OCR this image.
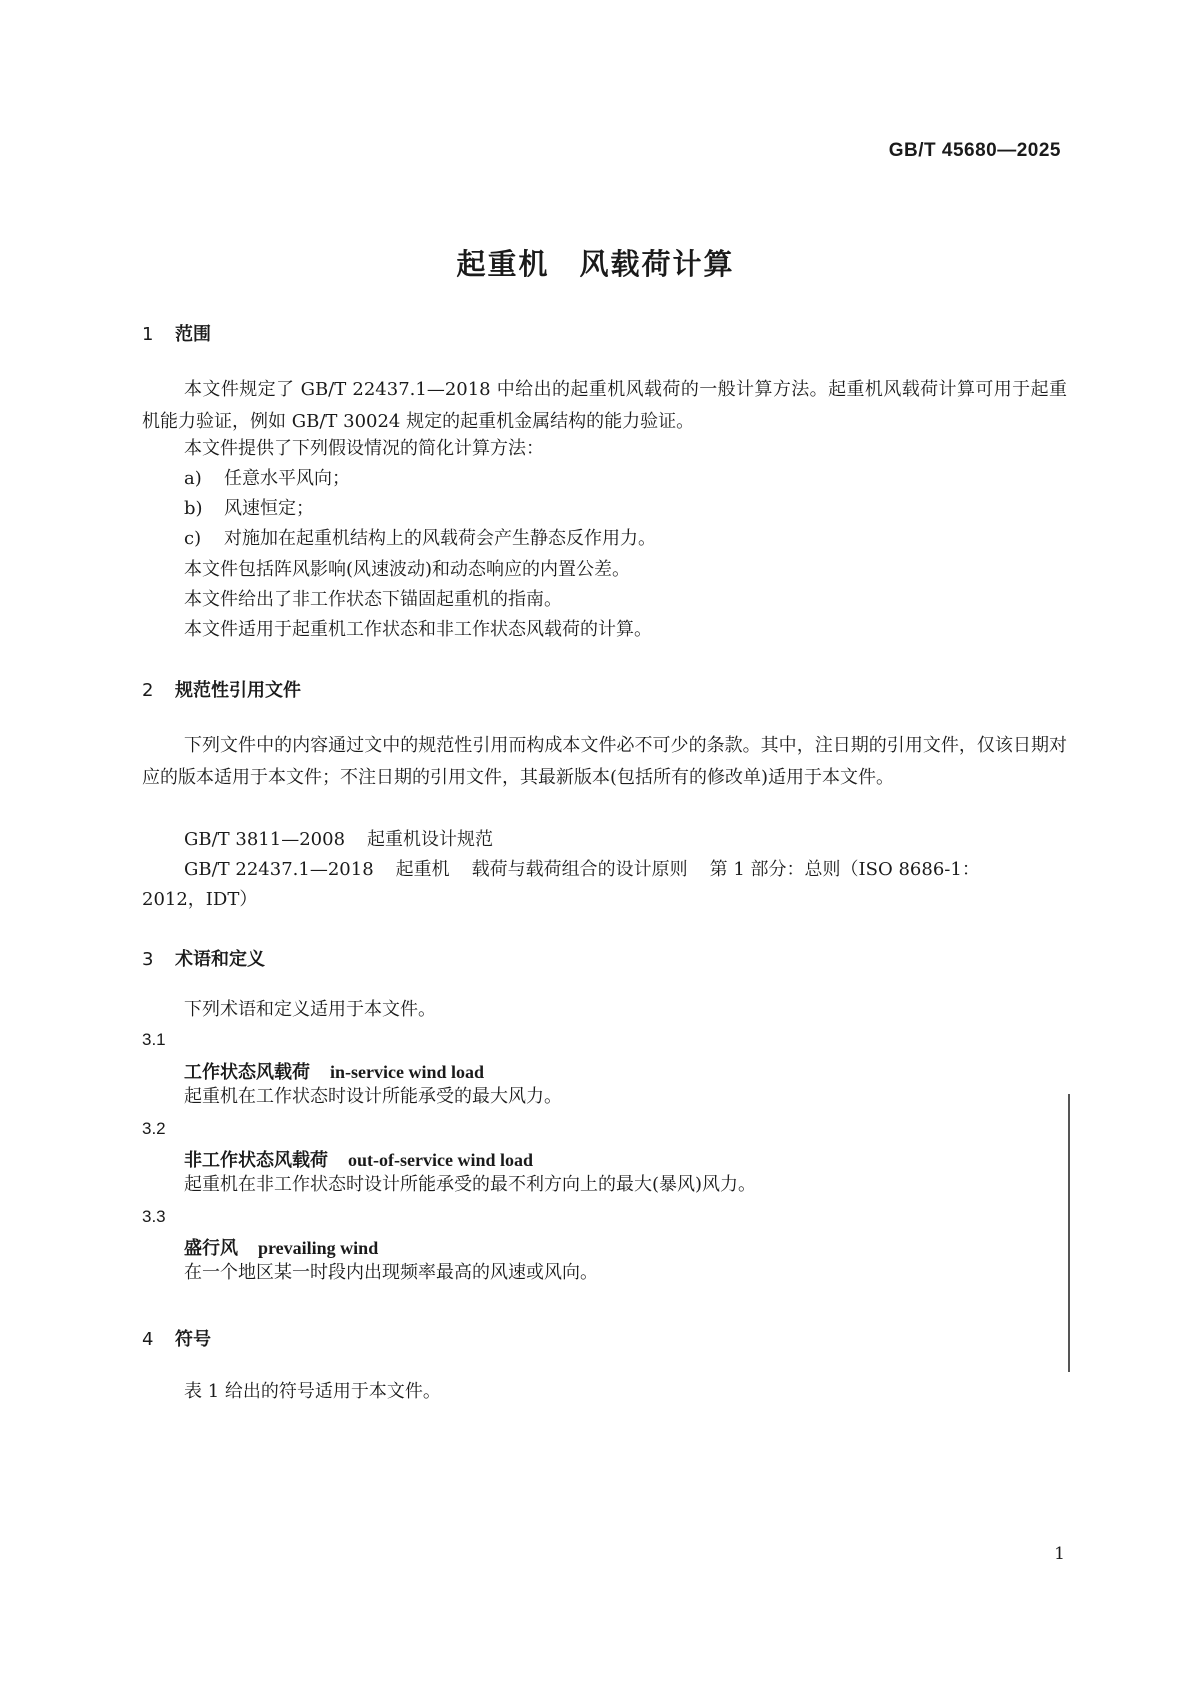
GB/T 45680—2025
起重机 风载荷计算
1 范围
本文件规定了 GB/T 22437.1—2018 中给出的起重机风载荷的一般计算方法。起重机风载荷计算可用于起重机能力验证，例如 GB/T 30024 规定的起重机金属结构的能力验证。
本文件提供了下列假设情况的简化计算方法：
a) 任意水平风向；
b) 风速恒定；
c) 对施加在起重机结构上的风载荷会产生静态反作用力。
本文件包括阵风影响(风速波动)和动态响应的内置公差。
本文件给出了非工作状态下锚固起重机的指南。
本文件适用于起重机工作状态和非工作状态风载荷的计算。
2 规范性引用文件
下列文件中的内容通过文中的规范性引用而构成本文件必不可少的条款。其中，注日期的引用文件，仅该日期对应的版本适用于本文件；不注日期的引用文件，其最新版本(包括所有的修改单)适用于本文件。
GB/T 3811—2008 起重机设计规范
GB/T 22437.1—2018 起重机 载荷与载荷组合的设计原则 第 1 部分：总则（ISO 8686-1：
2012，IDT）
3 术语和定义
下列术语和定义适用于本文件。
3.1
工作状态风载荷 in-service wind load
起重机在工作状态时设计所能承受的最大风力。
3.2
非工作状态风载荷 out-of-service wind load
起重机在非工作状态时设计所能承受的最不利方向上的最大(暴风)风力。
3.3
盛行风 prevailing wind
在一个地区某一时段内出现频率最高的风速或风向。
4 符号
表 1 给出的符号适用于本文件。
1
